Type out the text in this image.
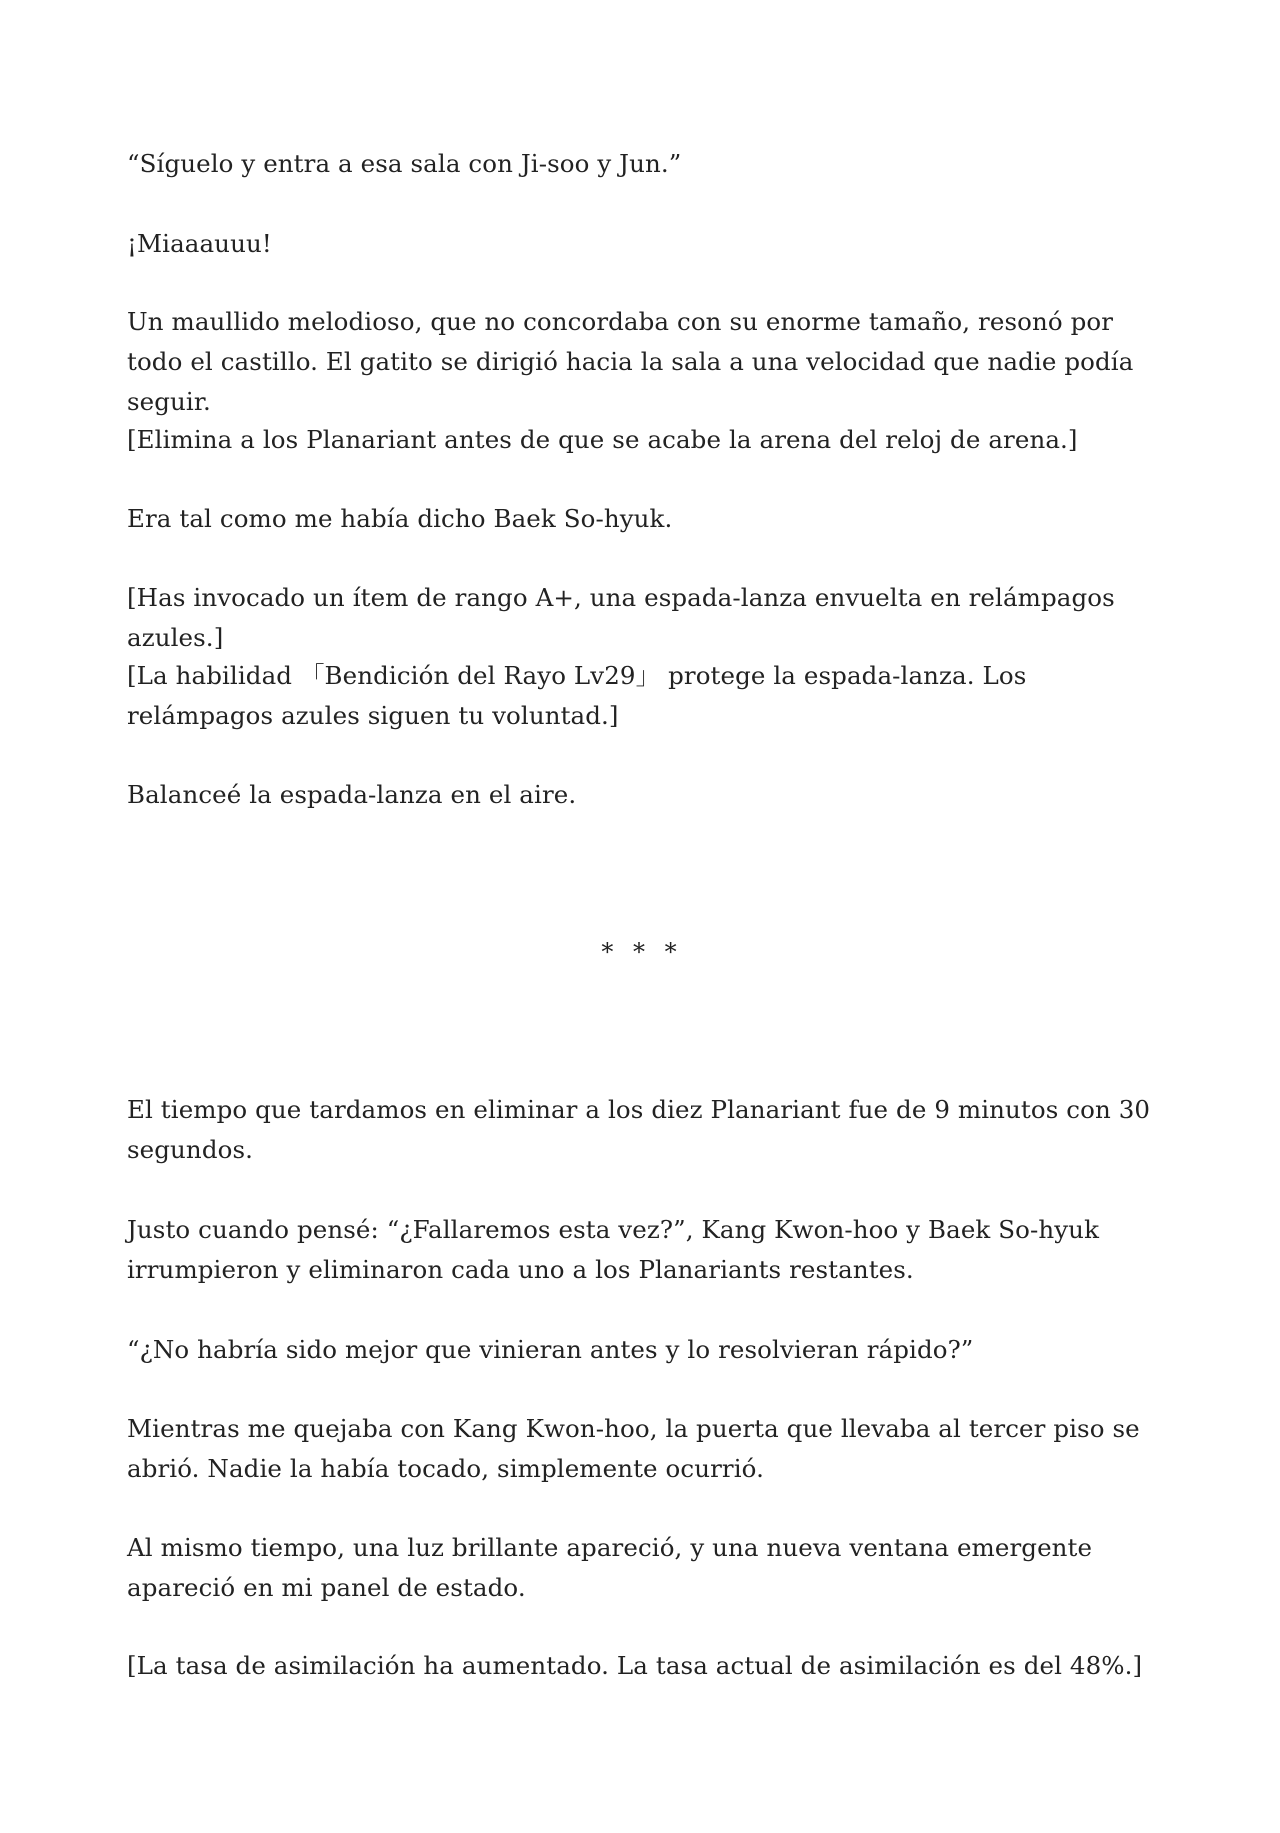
“Síguelo y entra a esa sala con Ji-soo y Jun.”

¡Miaaauuu!

Un maullido melodioso, que no concordaba con su enorme tamaño, resonó por todo el castillo. El gatito se dirigió hacia la sala a una velocidad que nadie podía seguir.

[Elimina a los Planariant antes de que se acabe la arena del reloj de arena.]

Era tal como me había dicho Baek So-hyuk.

[Has invocado un ítem de rango A+, una espada-lanza envuelta en relámpagos azules.]

[La habilidad 「Bendición del Rayo Lv29」 protege la espada-lanza. Los relámpagos azules siguen tu voluntad.]

Balanceé la espada-lanza en el aire.

* * *

El tiempo que tardamos en eliminar a los diez Planariant fue de 9 minutos con 30 segundos.

Justo cuando pensé: “¿Fallaremos esta vez?”, Kang Kwon-hoo y Baek So-hyuk irrumpieron y eliminaron cada uno a los Planariants restantes.

“¿No habría sido mejor que vinieran antes y lo resolvieran rápido?”

Mientras me quejaba con Kang Kwon-hoo, la puerta que llevaba al tercer piso se abrió. Nadie la había tocado, simplemente ocurrió.

Al mismo tiempo, una luz brillante apareció, y una nueva ventana emergente apareció en mi panel de estado.

[La tasa de asimilación ha aumentado. La tasa actual de asimilación es del 48%.]
